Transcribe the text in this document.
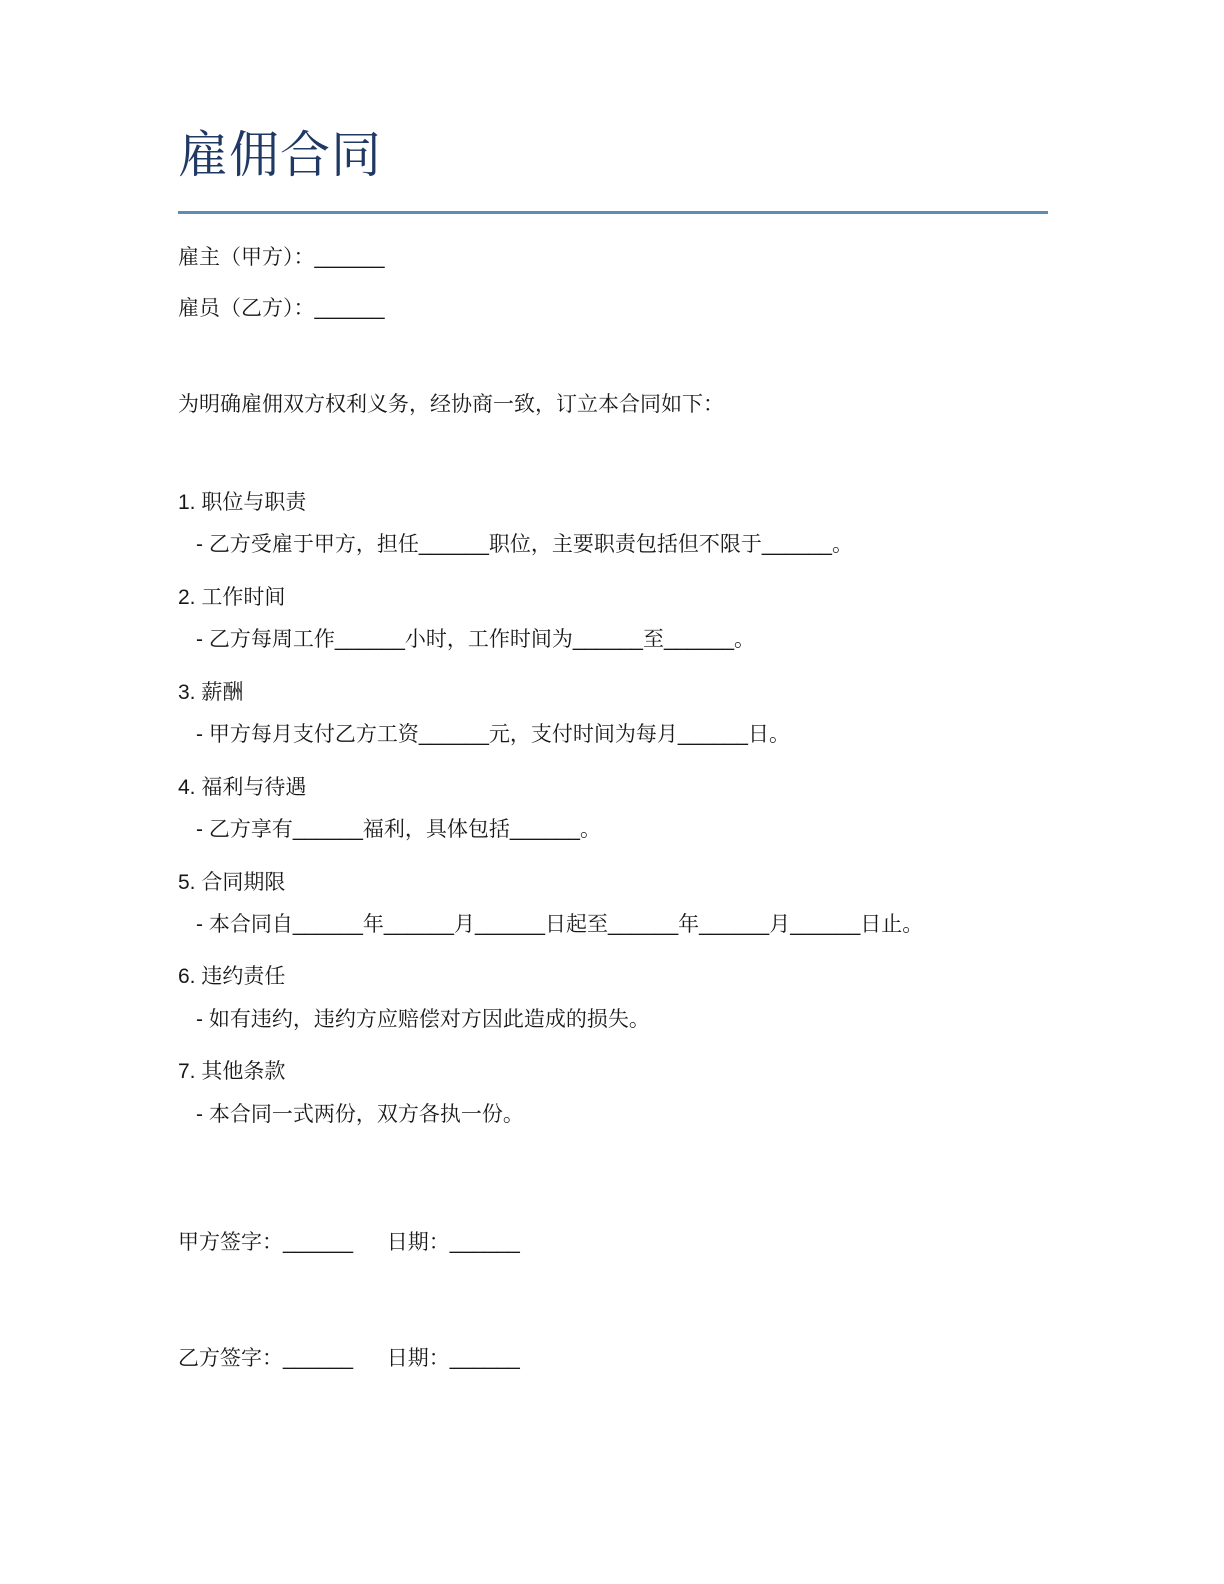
雇佣合同
雇主（甲方）：______
雇员（乙方）：______
为明确雇佣双方权利义务，经协商一致，订立本合同如下：
1. 职位与职责
- 乙方受雇于甲方，担任______职位，主要职责包括但不限于______。
2. 工作时间
- 乙方每周工作______小时，工作时间为______至______。
3. 薪酬
- 甲方每月支付乙方工资______元，支付时间为每月______日。
4. 福利与待遇
- 乙方享有______福利，具体包括______。
5. 合同期限
- 本合同自______年______月______日起至______年______月______日止。
6. 违约责任
- 如有违约，违约方应赔偿对方因此造成的损失。
7. 其他条款
- 本合同一式两份，双方各执一份。
甲方签字：______ 日期：______
乙方签字：______ 日期：______
